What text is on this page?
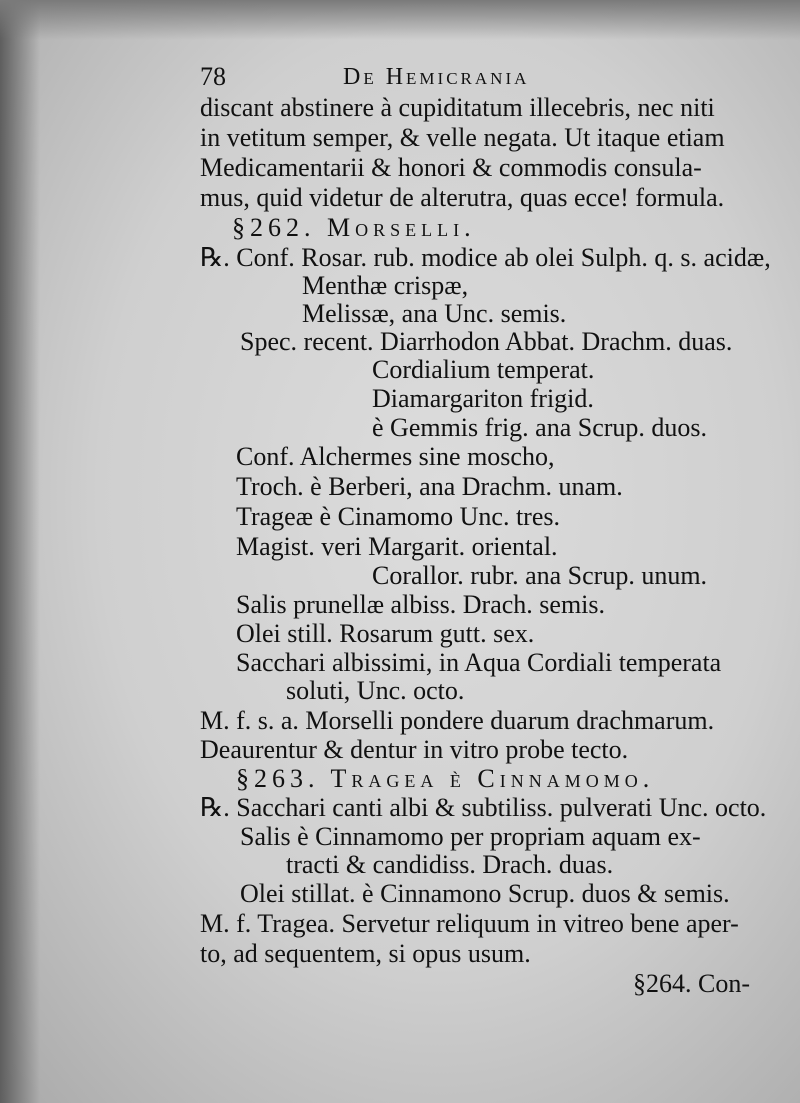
78	De Hemicrania
discant abstinere à cupiditatum illecebris, nec niti
in vetitum semper, & velle negata. Ut itaque etiam
Medicamentarii & honori & commodis consula-
mus, quid videtur de alterutra, quas ecce! formula.
§262. Morselli.
℞. Conf. Rosar. rub. modice ab olei Sulph. q. s. acidæ,
Menthæ crispæ,
Melissæ, ana Unc. semis.
Spec. recent. Diarrhodon Abbat. Drachm. duas.
Cordialium temperat.
Diamargariton frigid.
è Gemmis frig. ana Scrup. duos.
Conf. Alchermes sine moscho,
Troch. è Berberi, ana Drachm. unam.
Trageæ è Cinamomo Unc. tres.
Magist. veri Margarit. oriental.
Corallor. rubr. ana Scrup. unum.
Salis prunellæ albiss. Drach. semis.
Olei still. Rosarum gutt. sex.
Sacchari albissimi, in Aqua Cordiali temperata
soluti, Unc. octo.
M. f. s. a. Morselli pondere duarum drachmarum.
Deaurentur & dentur in vitro probe tecto.
§263. Tragea è Cinnamomo.
℞. Sacchari canti albi & subtiliss. pulverati Unc. octo.
Salis è Cinnamomo per propriam aquam ex-
tracti & candidiss. Drach. duas.
Olei stillat. è Cinnamono Scrup. duos & semis.
M. f. Tragea. Servetur reliquum in vitreo bene aper-
to, ad sequentem, si opus usum.
§264. Con-
